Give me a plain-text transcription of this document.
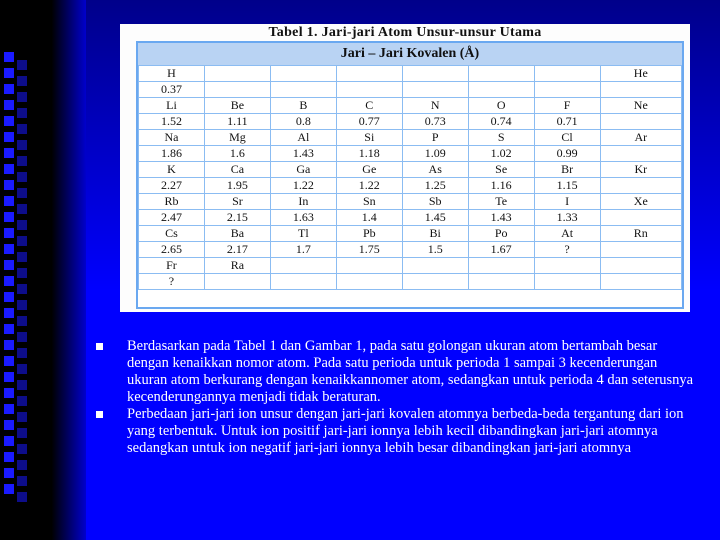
Tabel 1. Jari-jari Atom Unsur-unsur Utama
Jari – Jari Kovalen (Å)
H							He
0.37							
Li	Be	B	C	N	O	F	Ne
1.52	1.11	0.8	0.77	0.73	0.74	0.71	
Na	Mg	Al	Si	P	S	Cl	Ar
1.86	1.6	1.43	1.18	1.09	1.02	0.99	
K	Ca	Ga	Ge	As	Se	Br	Kr
2.27	1.95	1.22	1.22	1.25	1.16	1.15	
Rb	Sr	In	Sn	Sb	Te	I	Xe
2.47	2.15	1.63	1.4	1.45	1.43	1.33	
Cs	Ba	Tl	Pb	Bi	Po	At	Rn
2.65	2.17	1.7	1.75	1.5	1.67	?	
Fr	Ra						
?							
Berdasarkan pada Tabel 1 dan Gambar 1, pada satu golongan ukuran atom bertambah besar dengan kenaikkan nomor atom. Pada satu perioda untuk perioda 1 sampai 3 kecenderungan ukuran atom berkurang dengan kenaikkannomer atom, sedangkan untuk perioda 4 dan seterusnya kecenderungannya menjadi tidak beraturan.
Perbedaan jari-jari ion unsur dengan jari-jari kovalen atomnya berbeda-beda tergantung dari ion yang terbentuk. Untuk ion positif jari-jari ionnya lebih kecil dibandingkan jari-jari atomnya sedangkan untuk ion negatif jari-jari ionnya lebih besar dibandingkan jari-jari atomnya
